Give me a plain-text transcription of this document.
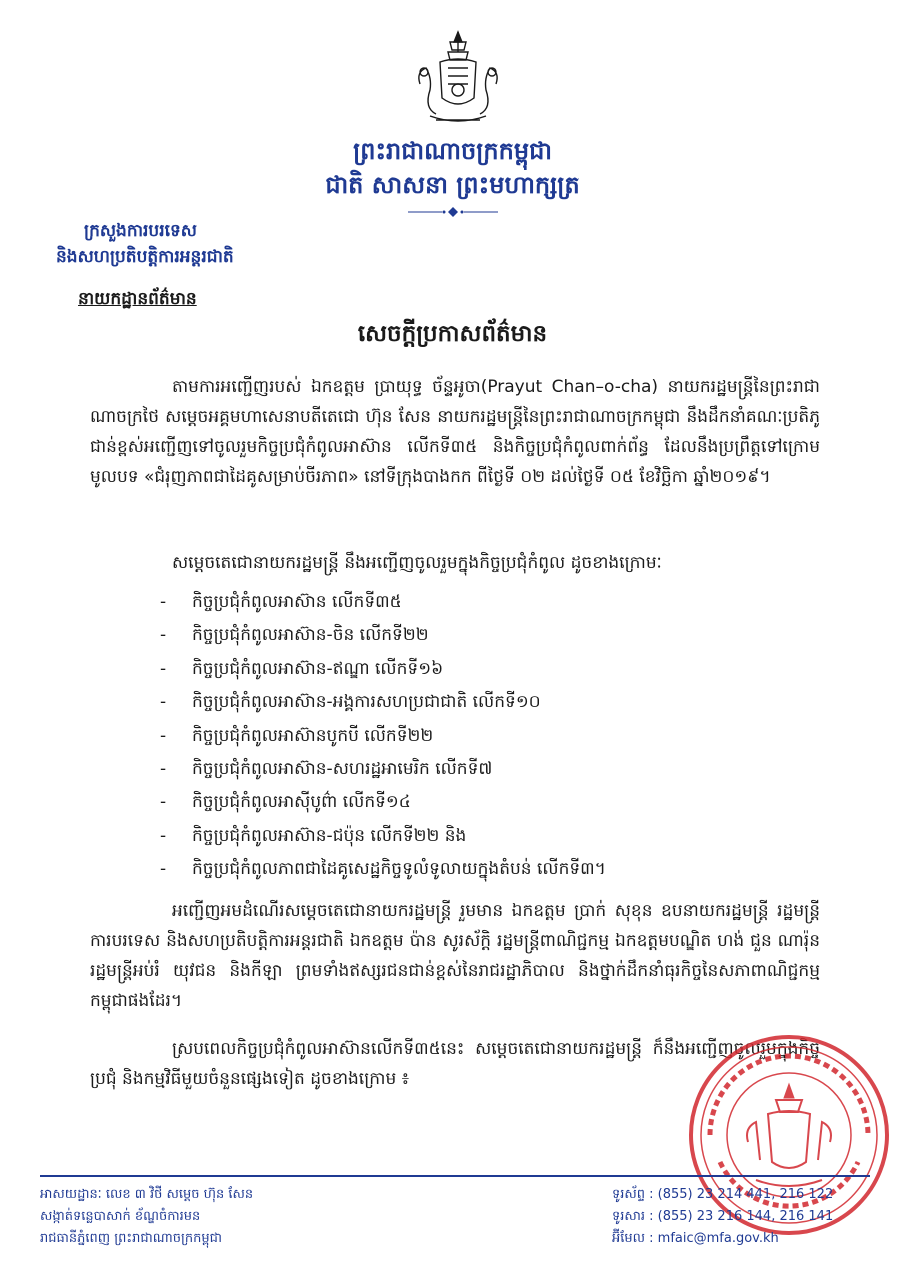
ព្រះរាជាណាចក្រកម្ពុជា
ជាតិ សាសនា ព្រះមហាក្សត្រ
ក្រសួងការបរទេស
និងសហប្រតិបត្តិការអន្តរជាតិ
នាយកដ្ឋានព័ត៌មាន
សេចក្តីប្រកាសព័ត៌មាន
តាមការអញ្ជើញរបស់ ឯកឧត្តម ប្រាយុទ្ធ ច័ន្ទអូចា(Prayut Chan–o-cha) នាយករដ្ឋមន្ត្រីនៃព្រះរាជាណាចក្រថៃ សម្តេចអគ្គមហាសេនាបតីតេជោ ហ៊ុន សែន នាយករដ្ឋមន្ត្រីនៃព្រះរាជាណាចក្រកម្ពុជា នឹងដឹកនាំគណៈប្រតិភូជាន់ខ្ពស់អញ្ជើញទៅចូលរួមកិច្ចប្រជុំកំពូលអាស៊ាន លើកទី៣៥ និងកិច្ចប្រជុំកំពូលពាក់ព័ន្ធ ដែលនឹងប្រព្រឹត្តទៅក្រោមមូលបទ «ជំរុញភាពជាដៃគូសម្រាប់ចីរភាព» នៅទីក្រុងបាងកក ពីថ្ងៃទី ០២ ដល់ថ្ងៃទី ០៥ ខែវិច្ឆិកា ឆ្នាំ២០១៩។
សម្តេចតេជោនាយករដ្ឋមន្ត្រី នឹងអញ្ជើញចូលរួមក្នុងកិច្ចប្រជុំកំពូល ដូចខាងក្រោមៈ
- កិច្ចប្រជុំកំពូលអាស៊ាន លើកទី៣៥
- កិច្ចប្រជុំកំពូលអាស៊ាន-ចិន លើកទី២២
- កិច្ចប្រជុំកំពូលអាស៊ាន-ឥណ្ឌា លើកទី១៦
- កិច្ចប្រជុំកំពូលអាស៊ាន-អង្គការសហប្រជាជាតិ លើកទី១០
- កិច្ចប្រជុំកំពូលអាស៊ានបូកបី លើកទី២២
- កិច្ចប្រជុំកំពូលអាស៊ាន-សហរដ្ឋអាមេរិក លើកទី៧
- កិច្ចប្រជុំកំពូលអាស៊ីបូព៌ា លើកទី១៤
- កិច្ចប្រជុំកំពូលអាស៊ាន-ជប៉ុន លើកទី២២ និង
- កិច្ចប្រជុំកំពូលភាពជាដៃគូសេដ្ឋកិច្ចទូលំទូលាយក្នុងតំបន់ លើកទី៣។
អញ្ជើញអមដំណើរសម្តេចតេជោនាយករដ្ឋមន្ត្រី រួមមាន ឯកឧត្តម ប្រាក់ សុខុន ឧបនាយករដ្ឋមន្ត្រី រដ្ឋមន្ត្រីការបរទេស និងសហប្រតិបត្តិការអន្តរជាតិ ឯកឧត្តម ប៉ាន សូរស័ក្តិ រដ្ឋមន្ត្រីពាណិជ្ជកម្ម ឯកឧត្តមបណ្ឌិត ហង់ ជួន ណារ៉ុន រដ្ឋមន្ត្រីអប់រំ យុវជន និងកីឡា ព្រមទាំងឥស្សរជនជាន់ខ្ពស់នៃរាជរដ្ឋាភិបាល និងថ្នាក់ដឹកនាំធុរកិច្ចនៃសភាពាណិជ្ជកម្មកម្ពុជាផងដែរ។
ស្របពេលកិច្ចប្រជុំកំពូលអាស៊ានលើកទី៣៥នេះ សម្តេចតេជោនាយករដ្ឋមន្ត្រី ក៏នឹងអញ្ជើញចូលរួមក្នុងកិច្ចប្រជុំ និងកម្មវិធីមួយចំនួនផ្សេងទៀត ដូចខាងក្រោម ៖
អាសយដ្ឋានៈ លេខ ៣ វិថី សម្តេច ហ៊ុន សែន
សង្កាត់ទន្លេបាសាក់ ខ័ណ្ឌចំការមន
រាជធានីភ្នំពេញ ព្រះរាជាណាចក្រកម្ពុជា
ទូរស័ព្ទ : (855) 23 214 441, 216 122
ទូរសារ : (855) 23 216 144, 216 141
អ៊ីមែល : mfaic@mfa.gov.kh
